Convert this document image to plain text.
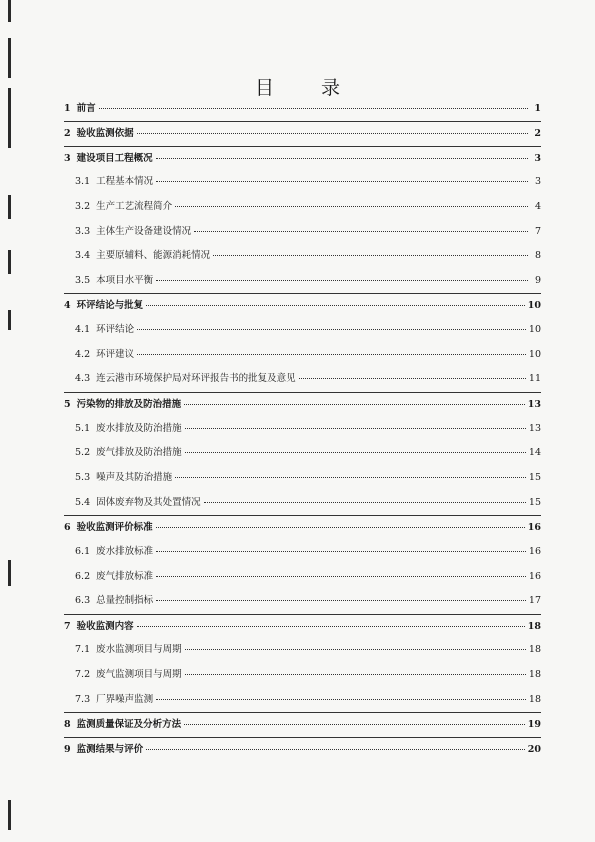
目　录
1 前言	1
2 验收监测依据	2
3 建设项目工程概况	3
3.1 工程基本情况	3
3.2 生产工艺流程简介	4
3.3 主体生产设备建设情况	7
3.4 主要原辅料、能源消耗情况	8
3.5 本项目水平衡	9
4 环评结论与批复	10
4.1 环评结论	10
4.2 环评建议	10
4.3 连云港市环境保护局对环评报告书的批复及意见	11
5 污染物的排放及防治措施	13
5.1 废水排放及防治措施	13
5.2 废气排放及防治措施	14
5.3 噪声及其防治措施	15
5.4 固体废弃物及其处置情况	15
6 验收监测评价标准	16
6.1 废水排放标准	16
6.2 废气排放标准	16
6.3 总量控制指标	17
7 验收监测内容	18
7.1 废水监测项目与周期	18
7.2 废气监测项目与周期	18
7.3 厂界噪声监测	18
8 监测质量保证及分析方法	19
9 监测结果与评价	20
